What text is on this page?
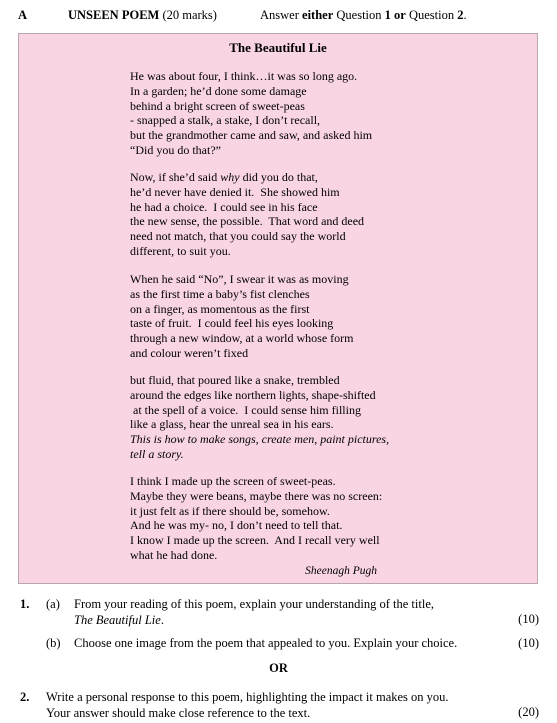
A	UNSEEN POEM (20 marks)	Answer either Question 1 or Question 2.
The Beautiful Lie
He was about four, I think…it was so long ago.
In a garden; he’d done some damage
behind a bright screen of sweet-peas
- snapped a stalk, a stake, I don’t recall,
but the grandmother came and saw, and asked him
“Did you do that?”
Now, if she’d said why did you do that,
he’d never have denied it.  She showed him
he had a choice.  I could see in his face
the new sense, the possible.  That word and deed
need not match, that you could say the world
different, to suit you.
When he said “No”, I swear it was as moving
as the first time a baby’s fist clenches
on a finger, as momentous as the first
taste of fruit.  I could feel his eyes looking
through a new window, at a world whose form
and colour weren’t fixed
but fluid, that poured like a snake, trembled
around the edges like northern lights, shape-shifted
at the spell of a voice.  I could sense him filling
like a glass, hear the unreal sea in his ears.
This is how to make songs, create men, paint pictures,
tell a story.
I think I made up the screen of sweet-peas.
Maybe they were beans, maybe there was no screen:
it just felt as if there should be, somehow.
And he was my- no, I don’t need to tell that.
I know I made up the screen.  And I recall very well
what he had done.
Sheenagh Pugh
1. (a) From your reading of this poem, explain your understanding of the title,
The Beautiful Lie.	(10)
(b) Choose one image from the poem that appealed to you. Explain your choice.	(10)
OR
2. Write a personal response to this poem, highlighting the impact it makes on you.
Your answer should make close reference to the text.	(20)
